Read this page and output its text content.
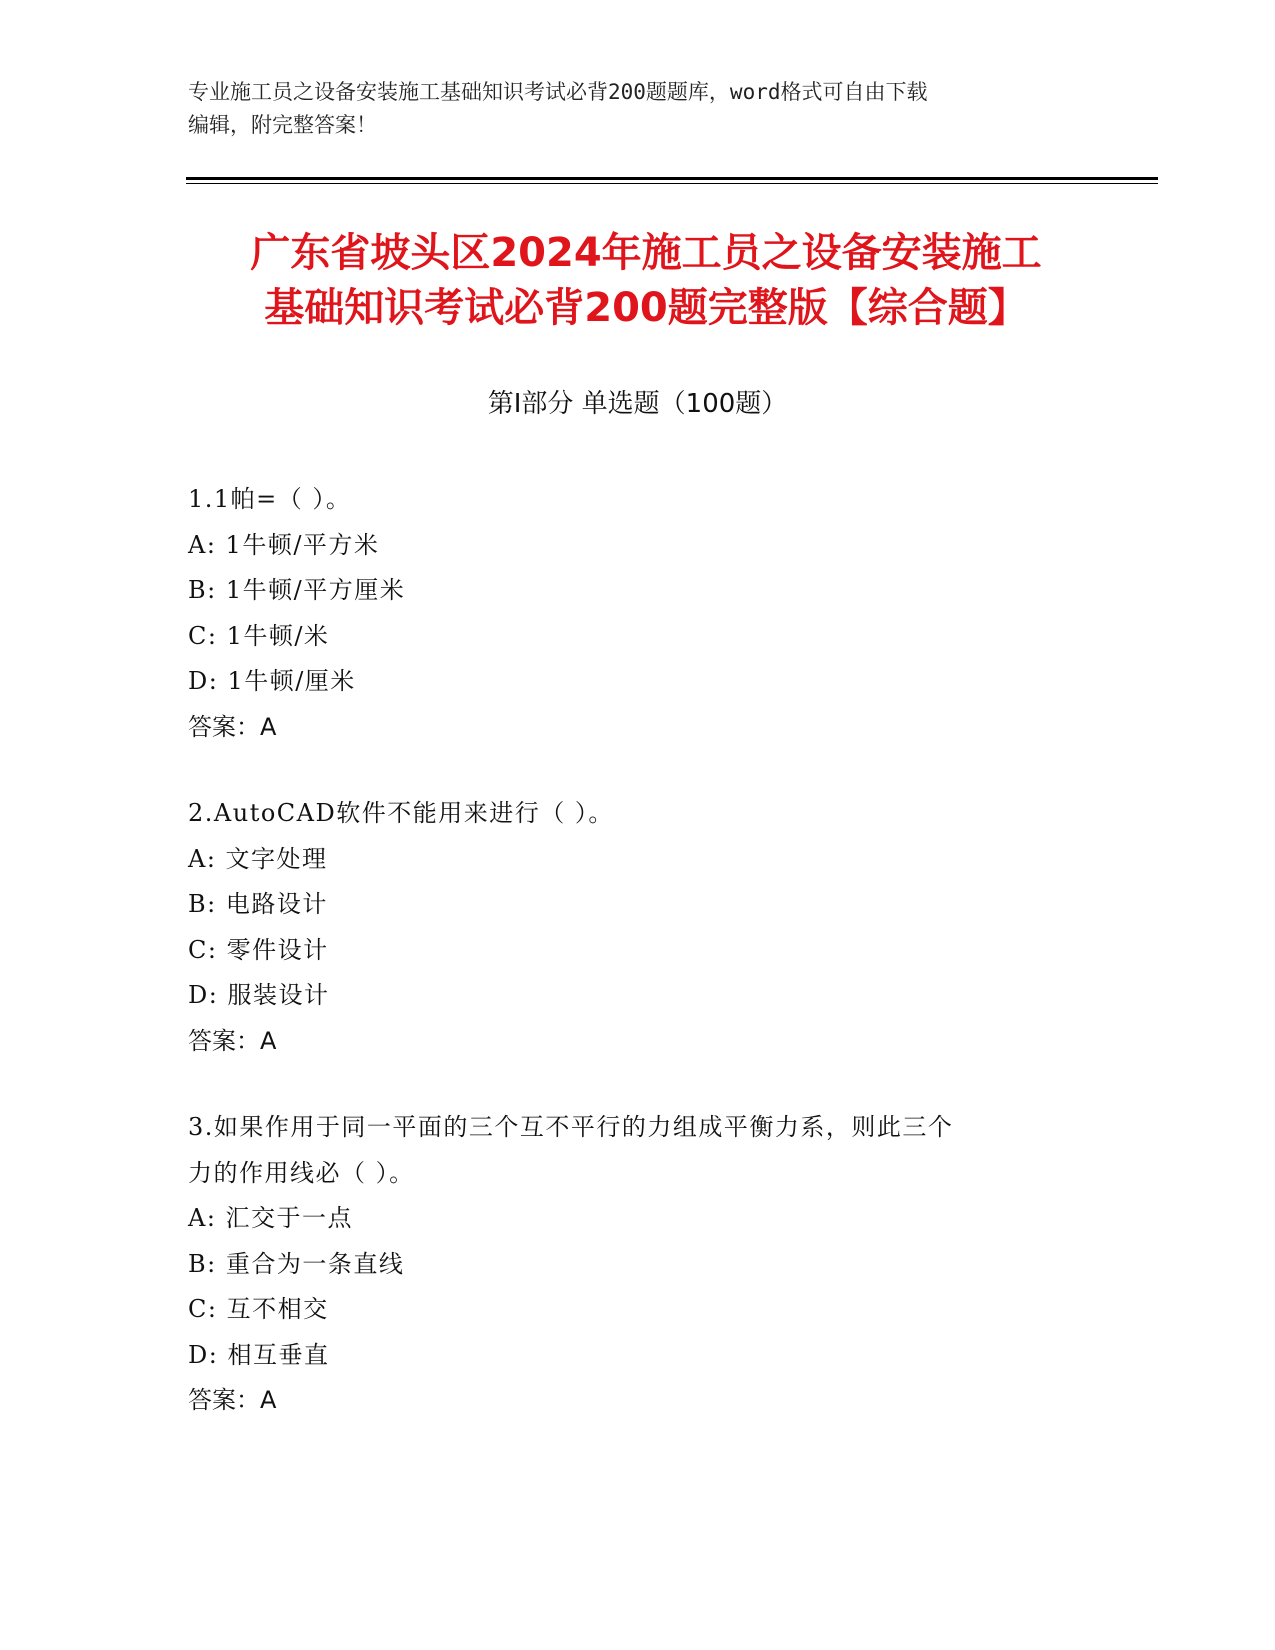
专业施工员之设备安装施工基础知识考试必背200题题库，word格式可自由下载
编辑，附完整答案！
广东省坡头区2024年施工员之设备安装施工
基础知识考试必背200题完整版【综合题】
第Ⅰ部分 单选题（100题）
1.1帕=（ ）。
A: 1牛顿/平方米
B: 1牛顿/平方厘米
C: 1牛顿/米
D: 1牛顿/厘米
答案：A
2.AutoCAD软件不能用来进行（ ）。
A: 文字处理
B: 电路设计
C: 零件设计
D: 服装设计
答案：A
3.如果作用于同一平面的三个互不平行的力组成平衡力系，则此三个
力的作用线必（ ）。
A: 汇交于一点
B: 重合为一条直线
C: 互不相交
D: 相互垂直
答案：A
